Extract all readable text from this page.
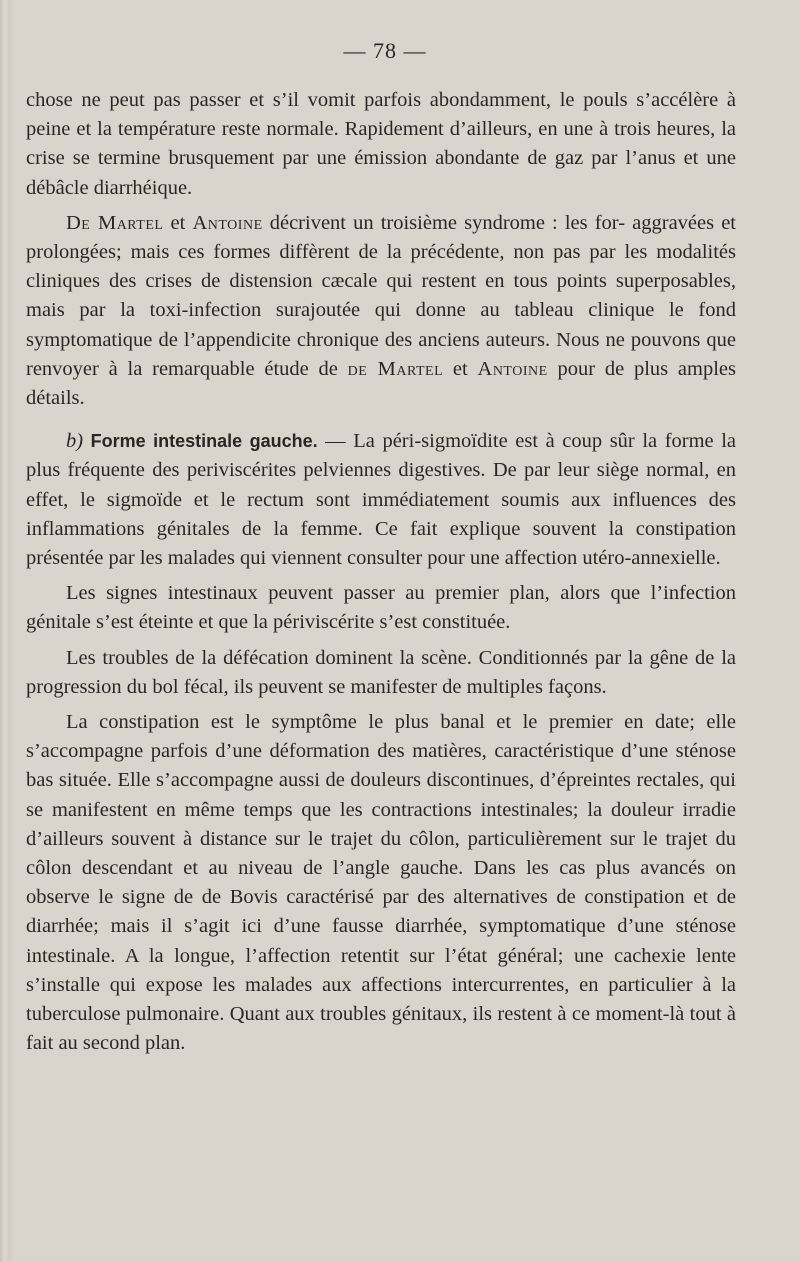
— 78 —

chose ne peut pas passer et s’il vomit parfois abondamment, le pouls s’accélère à peine et la température reste normale. Rapidement d’ailleurs, en une à trois heures, la crise se termine brusquement par une émission abondante de gaz par l’anus et une débâcle diarrhéique.

De Martel et Antoine décrivent un troisième syndrome : les for- aggravées et prolongées; mais ces formes diffèrent de la précédente, non pas par les modalités cliniques des crises de distension cæcale qui restent en tous points superposables, mais par la toxi-infection surajoutée qui donne au tableau clinique le fond symptomatique de l’appendicite chronique des anciens auteurs. Nous ne pouvons que renvoyer à la remarquable étude de de Martel et Antoine pour de plus amples détails.

b) Forme intestinale gauche. — La péri-sigmoïdite est à coup sûr la forme la plus fréquente des periviscérites pelviennes digestives. De par leur siège normal, en effet, le sigmoïde et le rectum sont immédiatement soumis aux influences des inflammations génitales de la femme. Ce fait explique souvent la constipation présentée par les malades qui viennent consulter pour une affection utéro-annexielle.

Les signes intestinaux peuvent passer au premier plan, alors que l’infection génitale s’est éteinte et que la périviscérite s’est constituée.

Les troubles de la défécation dominent la scène. Conditionnés par la gêne de la progression du bol fécal, ils peuvent se manifester de multiples façons.

La constipation est le symptôme le plus banal et le premier en date; elle s’accompagne parfois d’une déformation des matières, caractéristique d’une sténose bas située. Elle s’accompagne aussi de douleurs discontinues, d’épreintes rectales, qui se manifestent en même temps que les contractions intestinales; la douleur irradie d’ailleurs souvent à distance sur le trajet du côlon, particulièrement sur le trajet du côlon descendant et au niveau de l’angle gauche. Dans les cas plus avancés on observe le signe de de Bovis caractérisé par des alternatives de constipation et de diarrhée; mais il s’agit ici d’une fausse diarrhée, symptomatique d’une sténose intestinale. A la longue, l’affection retentit sur l’état général; une cachexie lente s’installe qui expose les malades aux affections intercurrentes, en particulier à la tuberculose pulmonaire. Quant aux troubles génitaux, ils restent à ce moment-là tout à fait au second plan.
